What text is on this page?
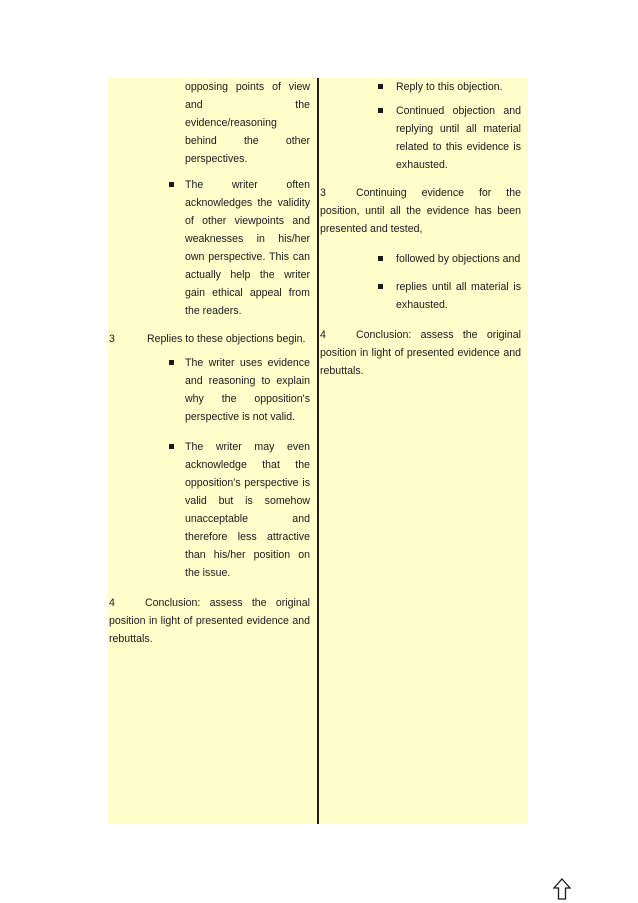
opposing points of view and the evidence/reasoning behind the other perspectives.
The writer often acknowledges the validity of other viewpoints and weaknesses in his/her own perspective. This can actually help the writer gain ethical appeal from the readers.
3	Replies to these objections begin.
The writer uses evidence and reasoning to explain why the opposition's perspective is not valid.
The writer may even acknowledge that the opposition's perspective is valid but is somehow unacceptable and therefore less attractive than his/her position on the issue.
4	Conclusion: assess the original position in light of presented evidence and rebuttals.
Reply to this objection.
Continued objection and replying until all material related to this evidence is exhausted.
3	Continuing evidence for the position, until all the evidence has been presented and tested,
followed by objections and
replies until all material is exhausted.
4	Conclusion: assess the original position in light of presented evidence and rebuttals.
